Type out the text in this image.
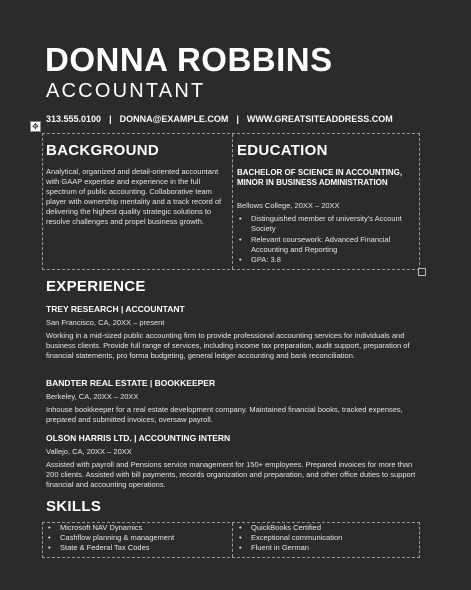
DONNA ROBBINS
ACCOUNTANT
313.555.0100 | DONNA@EXAMPLE.COM | WWW.GREATSITEADDRESS.COM
✥
BACKGROUND
Analytical, organized and detail-oriented accountant with GAAP expertise and experience in the full spectrum of public accounting. Collaborative team player with ownership mentality and a track record of delivering the highest quality strategic solutions to resolve challenges and propel business growth.
EDUCATION
BACHELOR OF SCIENCE IN ACCOUNTING, MINOR IN BUSINESS ADMINISTRATION
Bellows College, 20XX – 20XX
• Distinguished member of university’s Account Society
• Relevant coursework: Advanced Financial Accounting and Reporting
• GPA: 3.8
EXPERIENCE
TREY RESEARCH | ACCOUNTANT
San Francisco, CA, 20XX – present
Working in a mid-sized public accounting firm to provide professional accounting services for individuals and business clients. Provide full range of services, including income tax preparation, audit support, preparation of financial statements, pro forma budgeting, general ledger accounting and bank reconciliation.
BANDTER REAL ESTATE | BOOKKEEPER
Berkeley, CA, 20XX – 20XX
Inhouse bookkeeper for a real estate development company. Maintained financial books, tracked expenses, prepared and submitted invoices, oversaw payroll.
OLSON HARRIS LTD. | ACCOUNTING INTERN
Vallejo, CA, 20XX – 20XX
Assisted with payroll and Pensions service management for 150+ employees. Prepared invoices for more than 200 clients. Assisted with bill payments, records organization and preparation, and other office duties to support financial and accounting operations.
SKILLS
• Microsoft NAV Dynamics
• Cashflow planning & management
• State & Federal Tax Codes
• QuickBooks Certified
• Exceptional communication
• Fluent in German
